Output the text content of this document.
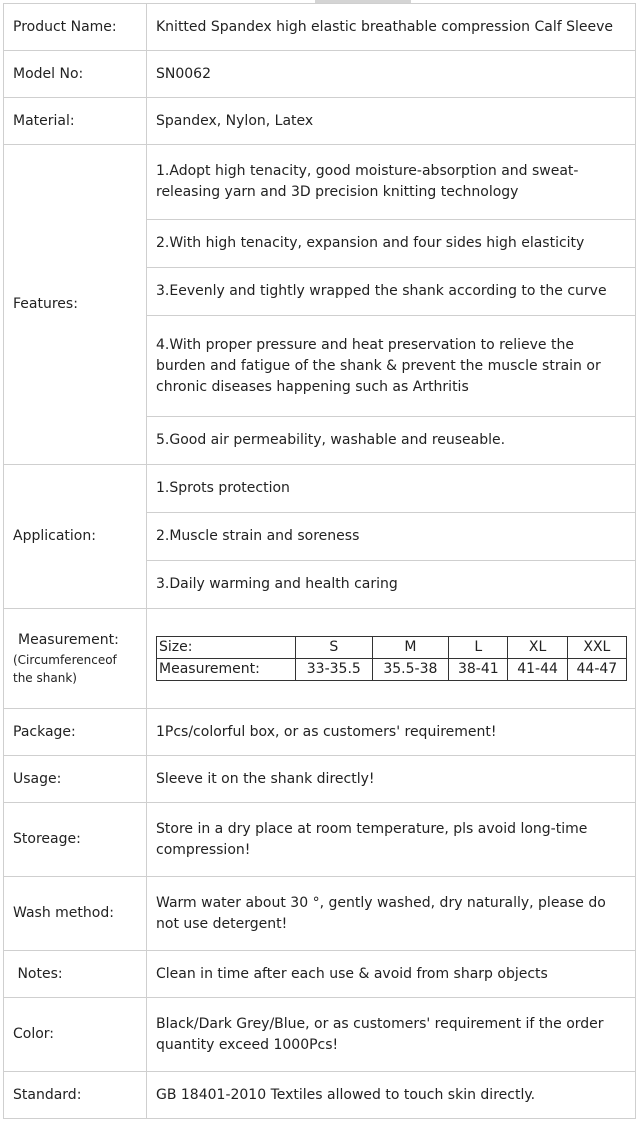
Product Name:	Knitted Spandex high elastic breathable compression Calf Sleeve
Model No:	SN0062
Material:	Spandex, Nylon, Latex
Features:	
1.Adopt high tenacity, good moisture-absorption and sweat-releasing yarn and 3D precision knitting technology
2.With high tenacity, expansion and four sides high elasticity
3.Eevenly and tightly wrapped the shank according to the curve
4.With proper pressure and heat preservation to relieve the burden and fatigue of the shank & prevent the muscle strain or chronic diseases happening such as Arthritis
5.Good air permeability, washable and reuseable.

Application:	
1.Sprots protection
2.Muscle strain and soreness
3.Daily warming and health caring

Measurement:
(Circumferenceof the shank)

Size:	S	M	L	XL	XXL
Measurement:	33-35.5	35.5-38	38-41	41-44	44-47

Package:	1Pcs/colorful box, or as customers' requirement!
Usage:	Sleeve it on the shank directly!
Storeage:	Store in a dry place at room temperature, pls avoid long-time compression!
Wash method:	Warm water about 30 °, gently washed, dry naturally, please do not use detergent!
Notes:	Clean in time after each use & avoid from sharp objects
Color:	Black/Dark Grey/Blue, or as customers' requirement if the order quantity exceed 1000Pcs!
Standard:	GB 18401-2010 Textiles allowed to touch skin directly.
